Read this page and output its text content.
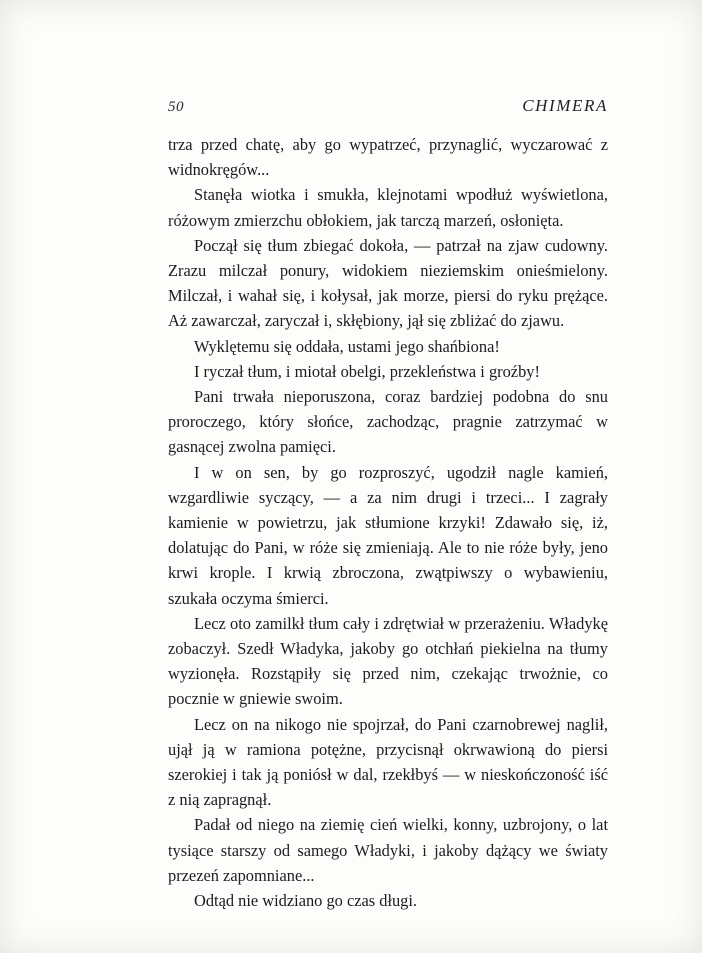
50	CHIMERA

trza przed chatę, aby go wypatrzeć, przynaglić, wyczarować z widnokręgów...

Stanęła wiotka i smukła, klejnotami wpodłuż wyświetlona, różowym zmierzchu obłokiem, jak tarczą marzeń, osłonięta.

Począł się tłum zbiegać dokoła, — patrzał na zjaw cudowny. Zrazu milczał ponury, widokiem nieziemskim onieśmielony. Milczał, i wahał się, i kołysał, jak morze, piersi do ryku prężące. Aż zawarczał, zaryczał i, skłębiony, jął się zbliżać do zjawu.

Wyklętemu się oddała, ustami jego shańbiona!

I ryczał tłum, i miotał obelgi, przekleństwa i groźby!

Pani trwała nieporuszona, coraz bardziej podobna do snu proroczego, który słońce, zachodząc, pragnie zatrzymać w gasnącej zwolna pamięci.

I w on sen, by go rozproszyć, ugodził nagle kamień, wzgardliwie syczący, — a za nim drugi i trzeci... I zagrały kamienie w powietrzu, jak stłumione krzyki! Zdawało się, iż, dolatując do Pani, w róże się zmieniają. Ale to nie róże były, jeno krwi krople. I krwią zbroczona, zwątpiwszy o wybawieniu, szukała oczyma śmierci.

Lecz oto zamilkł tłum cały i zdrętwiał w przerażeniu. Władykę zobaczył. Szedł Władyka, jakoby go otchłań piekielna na tłumy wyzionęła. Rozstąpiły się przed nim, czekając trwożnie, co pocznie w gniewie swoim.

Lecz on na nikogo nie spojrzał, do Pani czarnobrewej naglił, ujął ją w ramiona potężne, przycisnął okrwawioną do piersi szerokiej i tak ją poniósł w dal, rzekłbyś — w nieskończoność iść z nią zapragnął.

Padał od niego na ziemię cień wielki, konny, uzbrojony, o lat tysiące starszy od samego Władyki, i jakoby dążący we światy przezeń zapomniane...

Odtąd nie widziano go czas długi.
